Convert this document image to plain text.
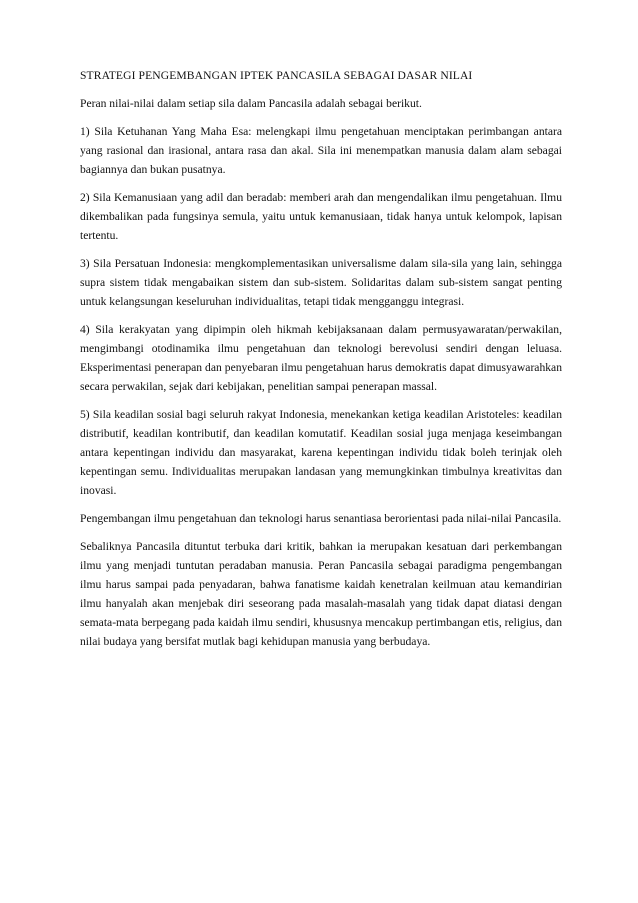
STRATEGI PENGEMBANGAN IPTEK PANCASILA SEBAGAI DASAR NILAI

Peran nilai-nilai dalam setiap sila dalam Pancasila adalah sebagai berikut.

1) Sila Ketuhanan Yang Maha Esa: melengkapi ilmu pengetahuan menciptakan perimbangan antara yang rasional dan irasional, antara rasa dan akal. Sila ini menempatkan manusia dalam alam sebagai bagiannya dan bukan pusatnya.

2) Sila Kemanusiaan yang adil dan beradab: memberi arah dan mengendalikan ilmu pengetahuan. Ilmu dikembalikan pada fungsinya semula, yaitu untuk kemanusiaan, tidak hanya untuk kelompok, lapisan tertentu.

3) Sila Persatuan Indonesia: mengkomplementasikan universalisme dalam sila-sila yang lain, sehingga supra sistem tidak mengabaikan sistem dan sub-sistem. Solidaritas dalam sub-sistem sangat penting untuk kelangsungan keseluruhan individualitas, tetapi tidak mengganggu integrasi.

4) Sila kerakyatan yang dipimpin oleh hikmah kebijaksanaan dalam permusyawaratan/perwakilan, mengimbangi otodinamika ilmu pengetahuan dan teknologi berevolusi sendiri dengan leluasa. Eksperimentasi penerapan dan penyebaran ilmu pengetahuan harus demokratis dapat dimusyawarahkan secara perwakilan, sejak dari kebijakan, penelitian sampai penerapan massal.

5) Sila keadilan sosial bagi seluruh rakyat Indonesia, menekankan ketiga keadilan Aristoteles: keadilan distributif, keadilan kontributif, dan keadilan komutatif. Keadilan sosial juga menjaga keseimbangan antara kepentingan individu dan masyarakat, karena kepentingan individu tidak boleh terinjak oleh kepentingan semu. Individualitas merupakan landasan yang memungkinkan timbulnya kreativitas dan inovasi.

Pengembangan ilmu pengetahuan dan teknologi harus senantiasa berorientasi pada nilai-nilai Pancasila.

Sebaliknya Pancasila dituntut terbuka dari kritik, bahkan ia merupakan kesatuan dari perkembangan ilmu yang menjadi tuntutan peradaban manusia. Peran Pancasila sebagai paradigma pengembangan ilmu harus sampai pada penyadaran, bahwa fanatisme kaidah kenetralan keilmuan atau kemandirian ilmu hanyalah akan menjebak diri seseorang pada masalah-masalah yang tidak dapat diatasi dengan semata-mata berpegang pada kaidah ilmu sendiri, khususnya mencakup pertimbangan etis, religius, dan nilai budaya yang bersifat mutlak bagi kehidupan manusia yang berbudaya.
